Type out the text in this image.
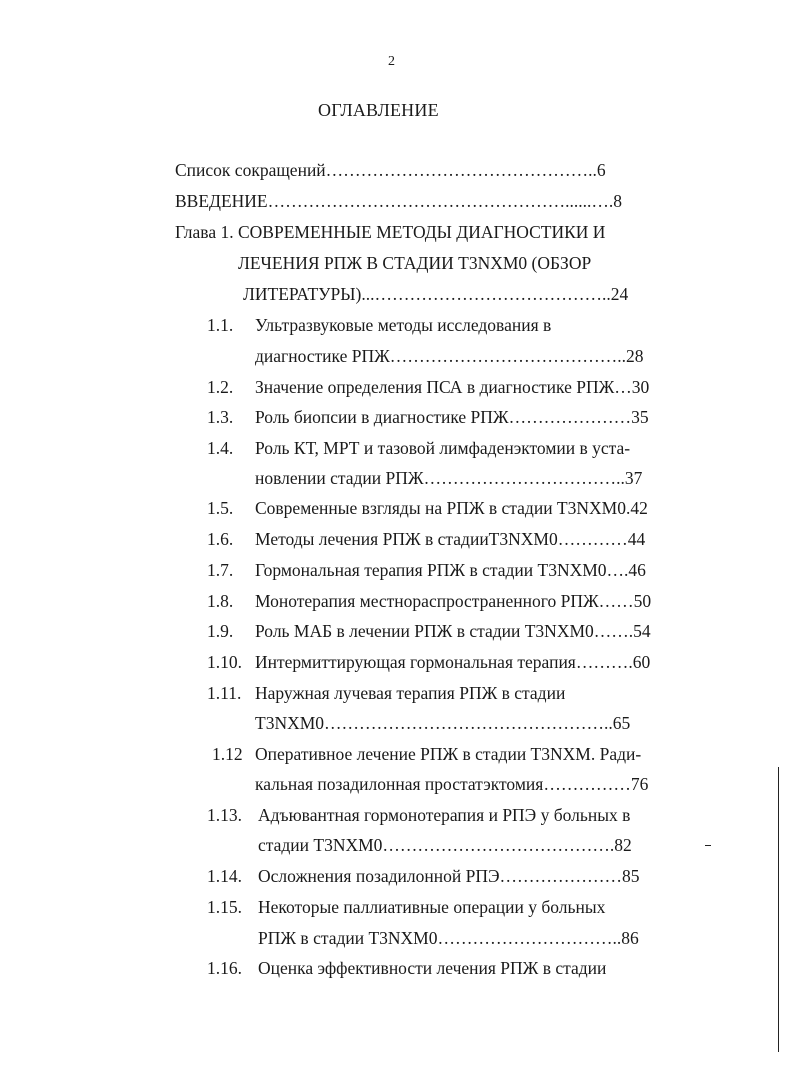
2
ОГЛАВЛЕНИЕ
Список сокращений………………………………………..6
ВВЕДЕНИЕ……………………………………………......….8
Глава 1. СОВРЕМЕННЫЕ МЕТОДЫ ДИАГНОСТИКИ И
ЛЕЧЕНИЯ РПЖ В СТАДИИ T3NXM0 (ОБЗОР
ЛИТЕРАТУРЫ)...…………………………………..24
1.1. Ультразвуковые методы исследования в
диагностике РПЖ…………………………………..28
1.2. Значение определения ПСА в диагностике РПЖ…30
1.3. Роль биопсии в диагностике РПЖ…………………35
1.4. Роль КТ, МРТ и тазовой лимфаденэктомии в уста-
новлении стадии РПЖ……………………………..37
1.5. Современные взгляды на РПЖ в стадии T3NXM0.42
1.6. Методы лечения РПЖ в стадииT3NXM0…………44
1.7. Гормональная терапия РПЖ в стадии T3NXM0….46
1.8. Монотерапия местнораспространенного РПЖ……50
1.9. Роль МАБ в лечении РПЖ в стадии T3NXM0…….54
1.10. Интермиттирующая гормональная терапия……….60
1.11. Наружная лучевая терапия РПЖ в стадии
T3NXM0…………………………………………..65
1.12 Оперативное лечение РПЖ в стадии T3NXM. Ради-
кальная позадилонная простатэктомия……………76
1.13. Адъювантная гормонотерапия и РПЭ у больных в
стадии T3NXM0………………………………….82
1.14. Осложнения позадилонной РПЭ…………………85
1.15. Некоторые паллиативные операции у больных
РПЖ в стадии T3NXM0…………………………..86
1.16. Оценка эффективности лечения РПЖ в стадии
